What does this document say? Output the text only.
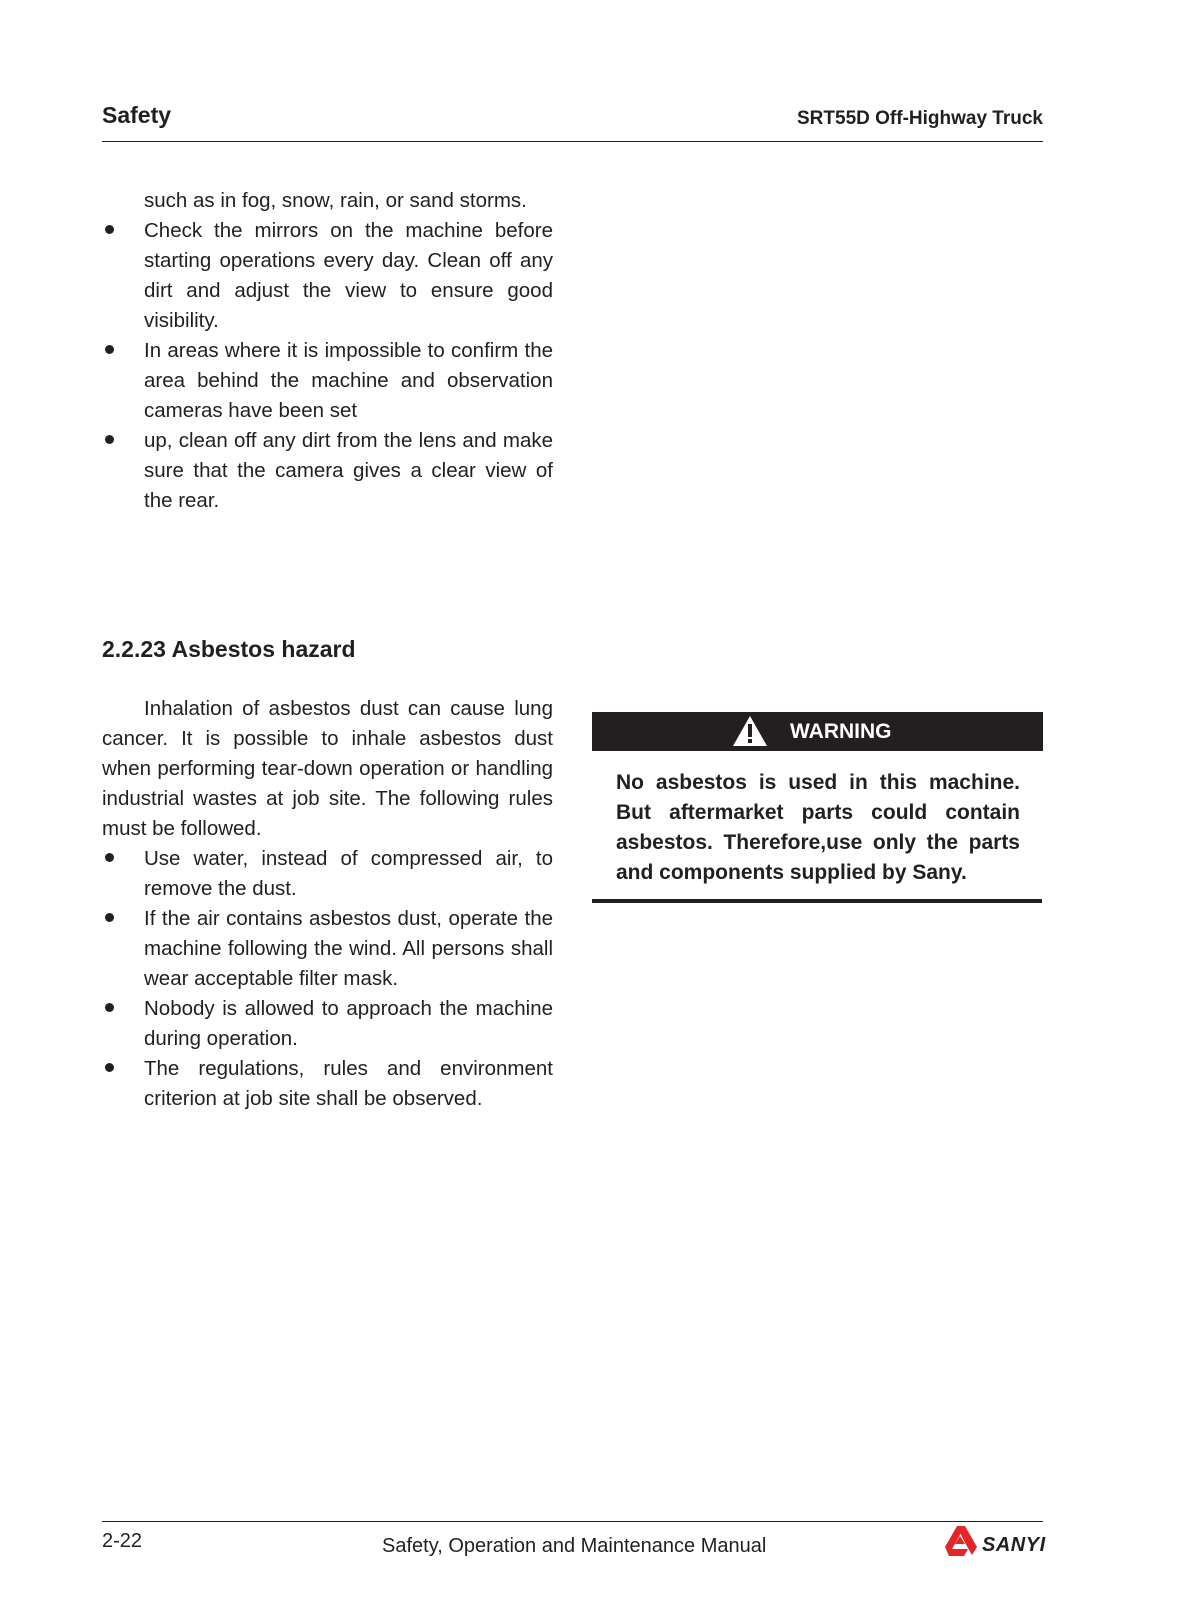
Safety	SRT55D Off-Highway Truck

such as in fog, snow, rain, or sand storms.

Check the mirrors on the machine before starting operations every day. Clean off any dirt and adjust the view to ensure good visibility.
In areas where it is impossible to confirm the area behind the machine and observation cameras have been set
up, clean off any dirt from the lens and make sure that the camera gives a clear view of the rear.
2.2.23 Asbestos hazard

Inhalation of asbestos dust can cause lung cancer. It is possible to inhale asbestos dust when performing tear-down operation or handling industrial wastes at job site. The following rules must be followed.

Use water, instead of compressed air, to remove the dust.
If the air contains asbestos dust, operate the machine following the wind. All persons shall wear acceptable filter mask.
Nobody is allowed to approach the machine during operation.
The regulations, rules and environment criterion at job site shall be observed.
WARNING
No asbestos is used in this machine. But aftermarket parts could contain asbestos. Therefore,use only the parts and components supplied by Sany.
2-22	Safety, Operation and Maintenance Manual	SANYI
